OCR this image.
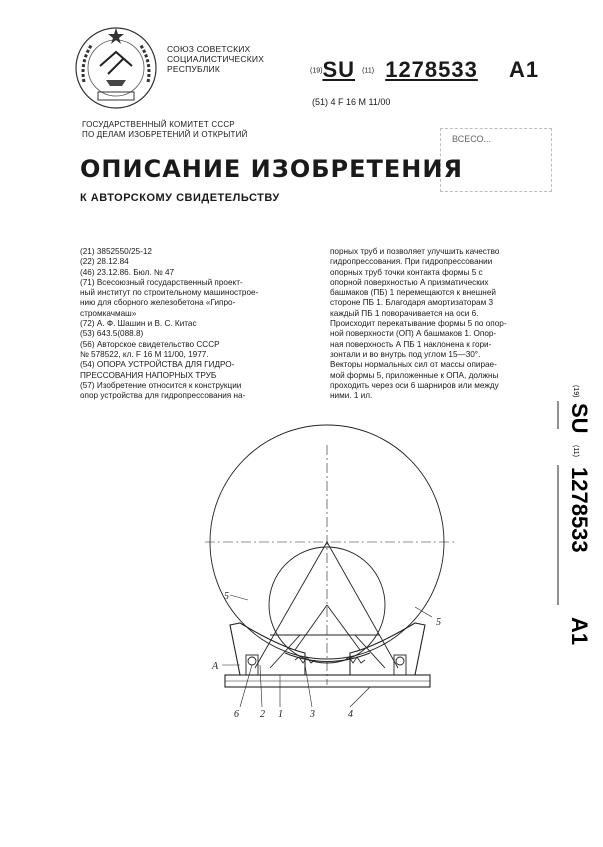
СОЮЗ СОВЕТСКИХ
СОЦИАЛИСТИЧЕСКИХ
РЕСПУБЛИК	(19)SU (11) 1278533 A1
(51) 4 F 16 M 11/00
ГОСУДАРСТВЕННЫЙ КОМИТЕТ СССР
ПО ДЕЛАМ ИЗОБРЕТЕНИЙ И ОТКРЫТИЙ	ВСЕСО...
ОПИСАНИЕ ИЗОБРЕТЕНИЯ
К АВТОРСКОМУ СВИДЕТЕЛЬСТВУ
(21) 3852550/25-12
(22) 28.12.84
(46) 23.12.86. Бюл. № 47
(71) Всесоюзный государственный проект-
ный институт по строительному машинострое-
нию для сборного железобетона «Гипро-
стромкачмаш»
(72) А. Ф. Шашин и В. С. Китас
(53) 643.5(088.8)
(56) Авторское свидетельство СССР
№ 578522, кл. F 16 M 11/00, 1977.
(54) ОПОРА УСТРОЙСТВА ДЛЯ ГИДРО-
ПРЕССОВАНИЯ НАПОРНЫХ ТРУБ
(57) Изобретение относится к конструкции
опор устройства для гидропрессования на-
порных труб и позволяет улучшить качество
гидропрессования. При гидропрессовании
опорных труб точки контакта формы 5 с
опорной поверхностью А призматических
башмаков (ПБ) 1 перемещаются к внешней
стороне ПБ 1. Благодаря амортизаторам 3
каждый ПБ 1 поворачивается на оси 6.
Происходит перекатывание формы 5 по опор-
ной поверхности (ОП) А башмаков 1. Опор-
ная поверхность А ПБ 1 наклонена к гори-
зонтали и во внутрь под углом 15—30°.
Векторы нормальных сил от массы опирае-
мой формы 5, приложенные к ОПА, должны
проходить через оси 6 шарниров или между
ними. 1 ил.	(19)
SU
(11)
1278533
A1
5
5
A
6 2 1	3	4
